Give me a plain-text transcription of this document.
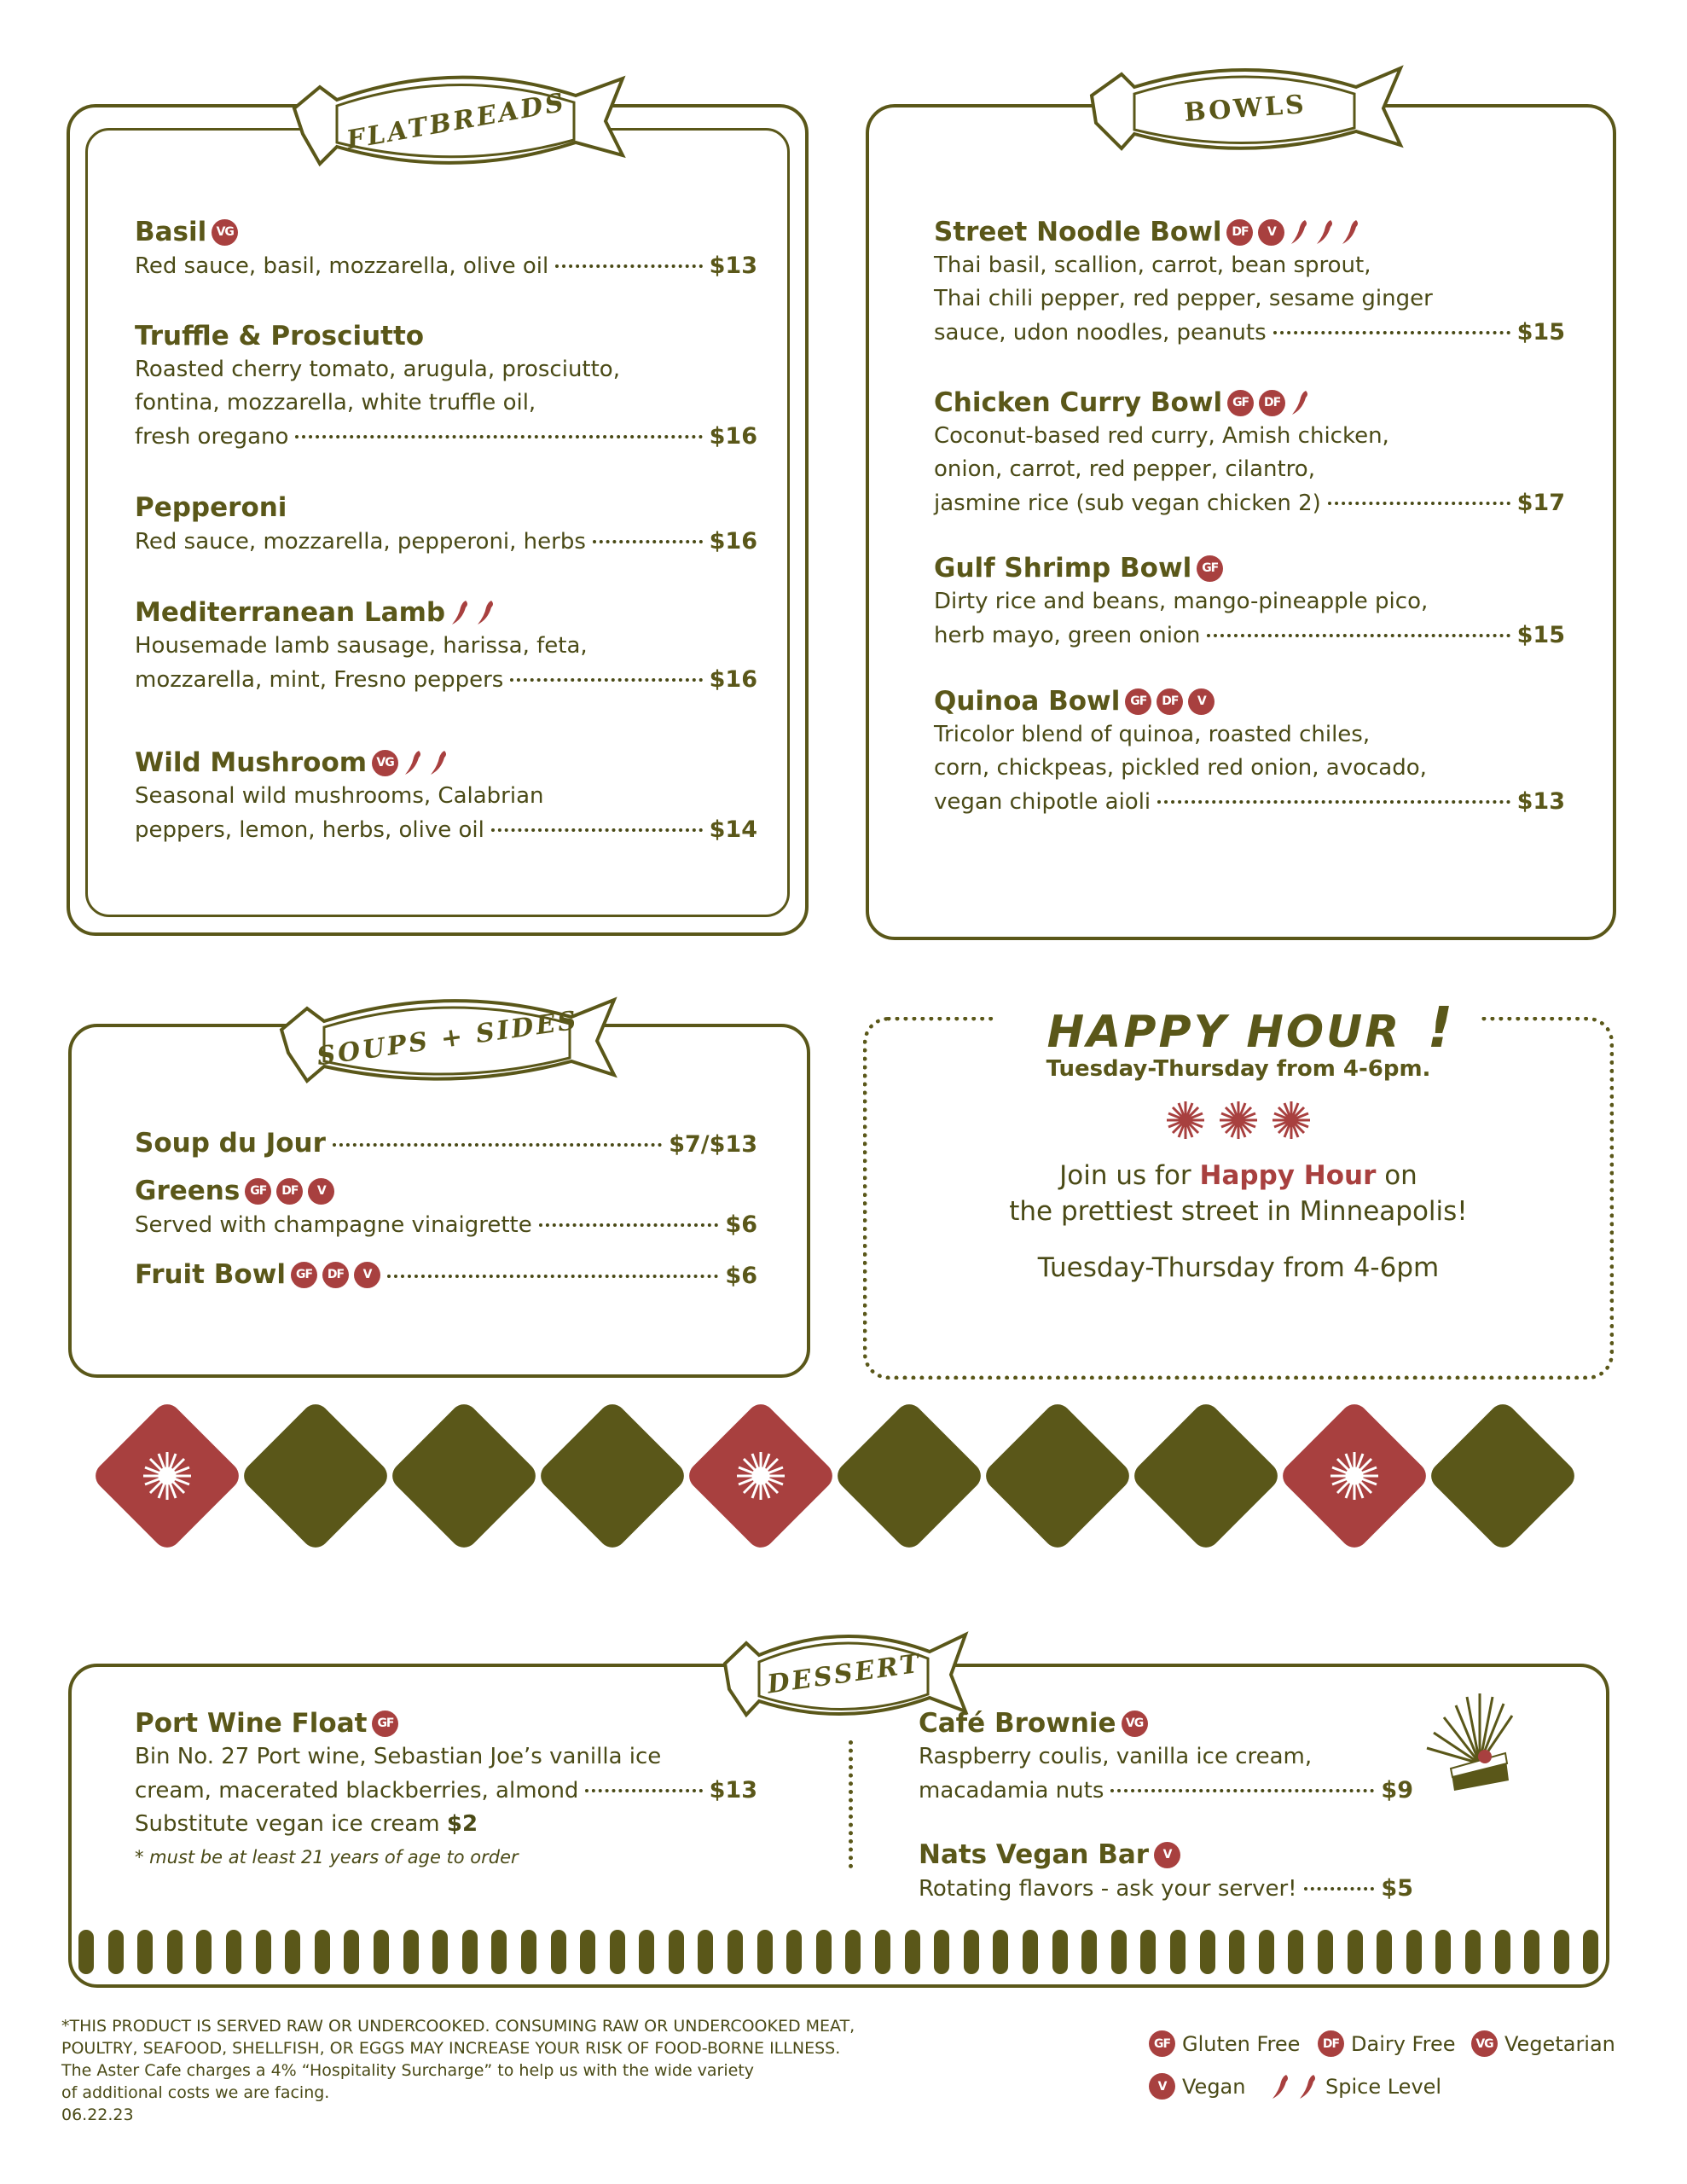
FLATBREADS
Basil VG
Red sauce, basil, mozzarella, olive oil	$13
Truffle & Prosciutto
Roasted cherry tomato, arugula, prosciutto,
fontina, mozzarella, white truffle oil,
fresh oregano	$16
Pepperoni
Red sauce, mozzarella, pepperoni, herbs	$16
Mediterranean Lamb
Housemade lamb sausage, harissa, feta,
mozzarella, mint, Fresno peppers	$16
Wild Mushroom VG
Seasonal wild mushrooms, Calabrian
peppers, lemon, herbs, olive oil	$14
BOWLS
Street Noodle Bowl DF	V
Thai basil, scallion, carrot, bean sprout,
Thai chili pepper, red pepper, sesame ginger
sauce, udon noodles, peanuts	$15
Chicken Curry Bowl GF	DF
Coconut-based red curry, Amish chicken,
onion, carrot, red pepper, cilantro,
jasmine rice (sub vegan chicken 2)	$17
Gulf Shrimp Bowl GF
Dirty rice and beans, mango-pineapple pico,
herb mayo, green onion	$15
Quinoa Bowl GF	DF	V
Tricolor blend of quinoa, roasted chiles,
corn, chickpeas, pickled red onion, avocado,
vegan chipotle aioli	$13
SOUPS + SIDES
Soup du Jour	$7/$13
Greens GF	DF	V
Served with champagne vinaigrette	$6
Fruit Bowl GF	DF	V	$6
HAPPY HOUR !
Tuesday-Thursday from 4-6pm.
Join us for Happy Hour on
the prettiest street in Minneapolis!
Tuesday-Thursday from 4-6pm
DESSERT
Port Wine Float GF
Bin No. 27 Port wine, Sebastian Joe’s vanilla ice
cream, macerated blackberries, almond	$13
Substitute vegan ice cream $2
* must be at least 21 years of age to order
Café Brownie VG
Raspberry coulis, vanilla ice cream,
macadamia nuts	$9
Nats Vegan Bar	V
Rotating flavors - ask your server!	$5
*THIS PRODUCT IS SERVED RAW OR UNDERCOOKED. CONSUMING RAW OR UNDERCOOKED MEAT,
POULTRY, SEAFOOD, SHELLFISH, OR EGGS MAY INCREASE YOUR RISK OF FOOD-BORNE ILLNESS.
The Aster Cafe charges a 4% “Hospitality Surcharge” to help us with the wide variety
of additional costs we are facing.
06.22.23
GF Gluten Free	DF Dairy Free	VG Vegetarian
V Vegan	Spice Level
